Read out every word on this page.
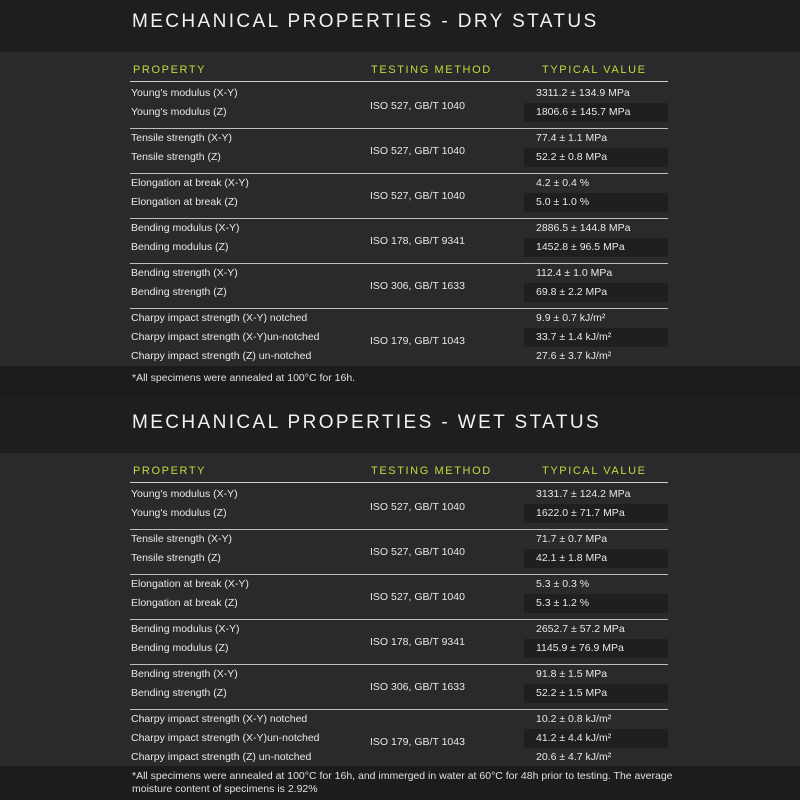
MECHANICAL PROPERTIES - DRY STATUS
PROPERTY	TESTING METHOD	TYPICAL VALUE
Young's modulus (X-Y)	3311.2 ± 134.9 MPa
Young's modulus (Z)	1806.6 ± 145.7 MPa
ISO 527, GB/T 1040
Tensile strength (X-Y)	77.4 ± 1.1 MPa
Tensile strength (Z)	52.2 ± 0.8 MPa
ISO 527, GB/T 1040
Elongation at break (X-Y)	4.2 ± 0.4 %
Elongation at break (Z)	5.0 ± 1.0 %
ISO 527, GB/T 1040
Bending modulus (X-Y)	2886.5 ± 144.8 MPa
Bending modulus (Z)	1452.8 ± 96.5 MPa
ISO 178, GB/T 9341
Bending strength (X-Y)	112.4 ± 1.0 MPa
Bending strength (Z)	69.8 ± 2.2 MPa
ISO 306, GB/T 1633
Charpy impact strength (X-Y) notched	9.9 ± 0.7 kJ/m²
Charpy impact strength (X-Y)un-notched	33.7 ± 1.4 kJ/m²
Charpy impact strength (Z) un-notched	27.6 ± 3.7 kJ/m²
ISO 179, GB/T 1043
*All specimens were annealed at 100°C for 16h.
MECHANICAL PROPERTIES - WET STATUS
PROPERTY	TESTING METHOD	TYPICAL VALUE
Young's modulus (X-Y)	3131.7 ± 124.2 MPa
Young's modulus (Z)	1622.0 ± 71.7 MPa
ISO 527, GB/T 1040
Tensile strength (X-Y)	71.7 ± 0.7 MPa
Tensile strength (Z)	42.1 ± 1.8 MPa
ISO 527, GB/T 1040
Elongation at break (X-Y)	5.3 ± 0.3 %
Elongation at break (Z)	5.3 ± 1.2 %
ISO 527, GB/T 1040
Bending modulus (X-Y)	2652.7 ± 57.2 MPa
Bending modulus (Z)	1145.9 ± 76.9 MPa
ISO 178, GB/T 9341
Bending strength (X-Y)	91.8 ± 1.5 MPa
Bending strength (Z)	52.2 ± 1.5 MPa
ISO 306, GB/T 1633
Charpy impact strength (X-Y) notched	10.2 ± 0.8 kJ/m²
Charpy impact strength (X-Y)un-notched	41.2 ± 4.4 kJ/m²
Charpy impact strength (Z) un-notched	20.6 ± 4.7 kJ/m²
ISO 179, GB/T 1043
*All specimens were annealed at 100°C for 16h, and immerged in water at 60°C for 48h prior to testing. The average moisture content of specimens is 2.92%
